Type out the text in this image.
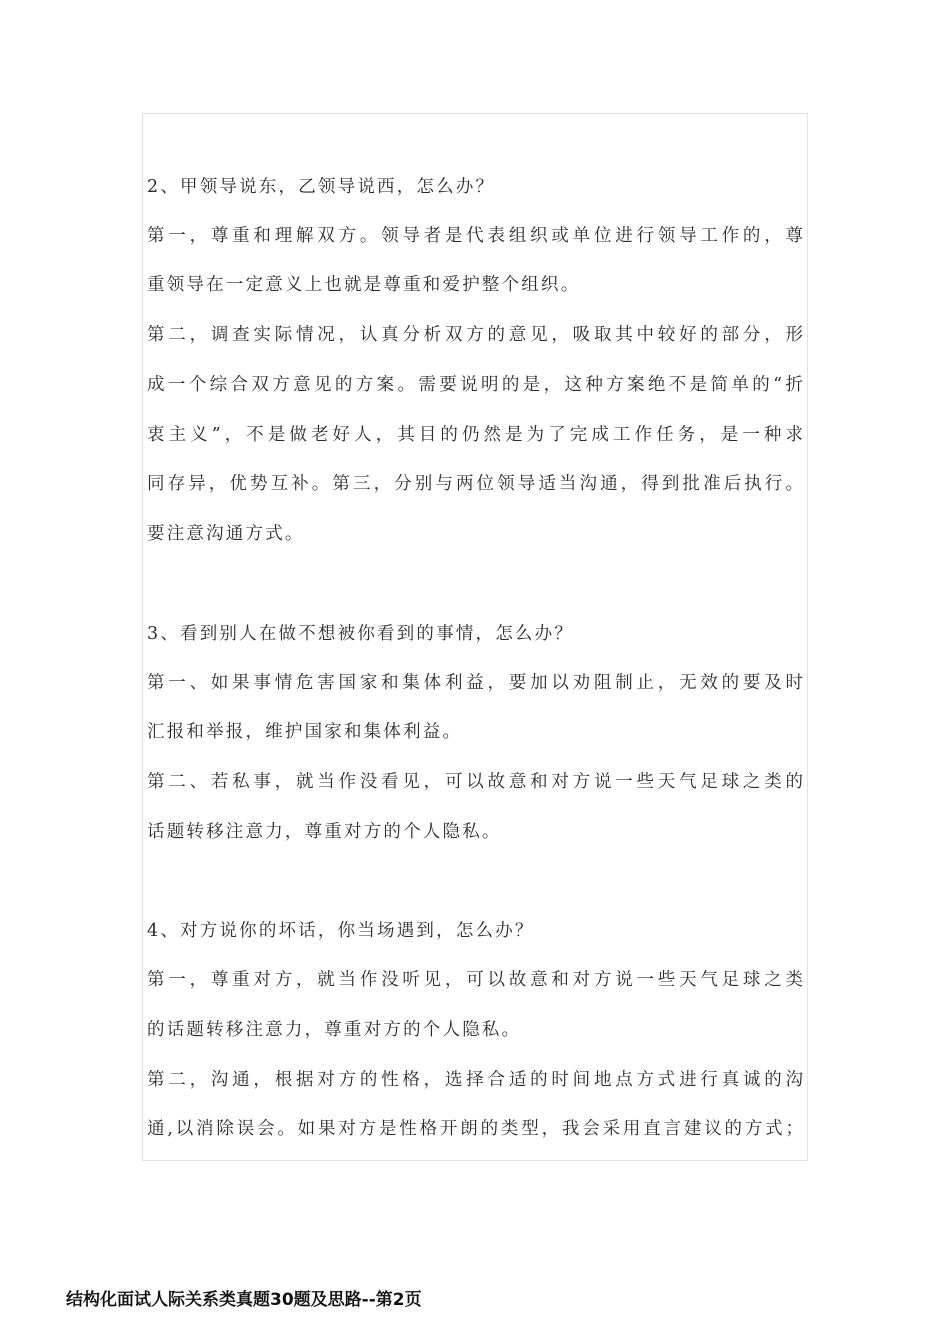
2、甲领导说东，乙领导说西，怎么办？
第一，尊重和理解双方。领导者是代表组织或单位进行领导工作的，尊
重领导在一定意义上也就是尊重和爱护整个组织。
第二，调查实际情况，认真分析双方的意见，吸取其中较好的部分，形
成一个综合双方意见的方案。需要说明的是，这种方案绝不是简单的“折
衷主义”，不是做老好人，其目的仍然是为了完成工作任务，是一种求
同存异，优势互补。第三，分别与两位领导适当沟通，得到批准后执行。
要注意沟通方式。
3、看到别人在做不想被你看到的事情，怎么办？
第一、如果事情危害国家和集体利益，要加以劝阻制止，无效的要及时
汇报和举报，维护国家和集体利益。
第二、若私事，就当作没看见，可以故意和对方说一些天气足球之类的
话题转移注意力，尊重对方的个人隐私。
4、对方说你的坏话，你当场遇到，怎么办？
第一，尊重对方，就当作没听见，可以故意和对方说一些天气足球之类
的话题转移注意力，尊重对方的个人隐私。
第二，沟通，根据对方的性格，选择合适的时间地点方式进行真诚的沟
通,以消除误会。如果对方是性格开朗的类型，我会采用直言建议的方式；
结构化面试人际关系类真题30题及思路--第2页
